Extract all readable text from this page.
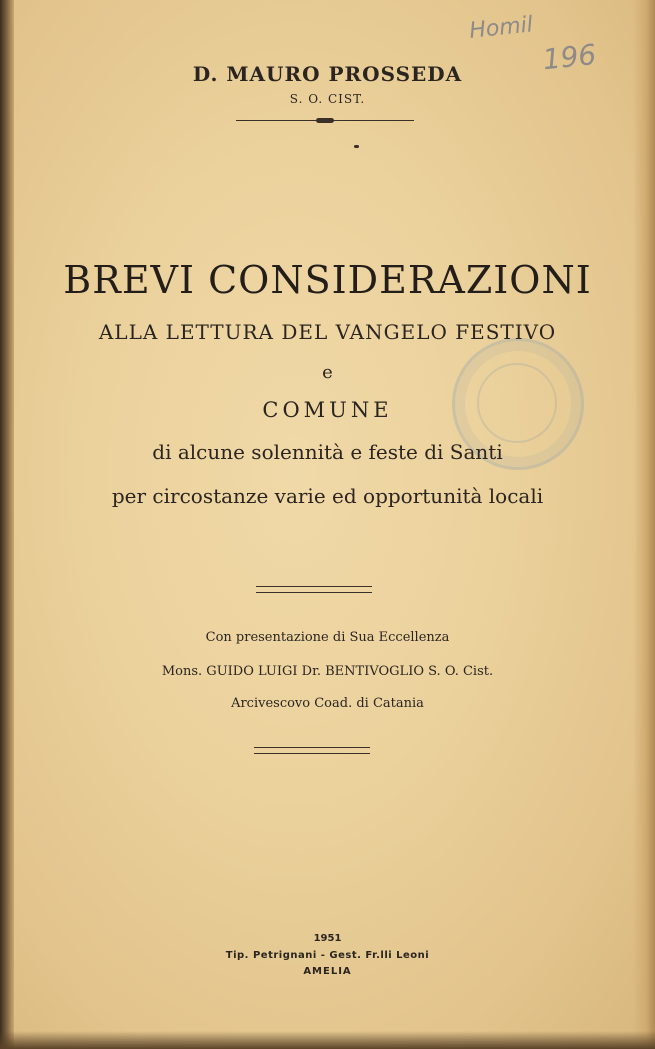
Homil
196
D. MAURO PROSSEDA
S. O. CIST.
BREVI CONSIDERAZIONI
ALLA LETTURA DEL VANGELO FESTIVO
e
COMUNE
di alcune solennità e feste di Santi
per circostanze varie ed opportunità locali
Con presentazione di Sua Eccellenza
Mons. GUIDO LUIGI Dr. BENTIVOGLIO S. O. Cist.
Arcivescovo Coad. di Catania
1951
Tip. Petrignani - Gest. Fr.lli Leoni
AMELIA
